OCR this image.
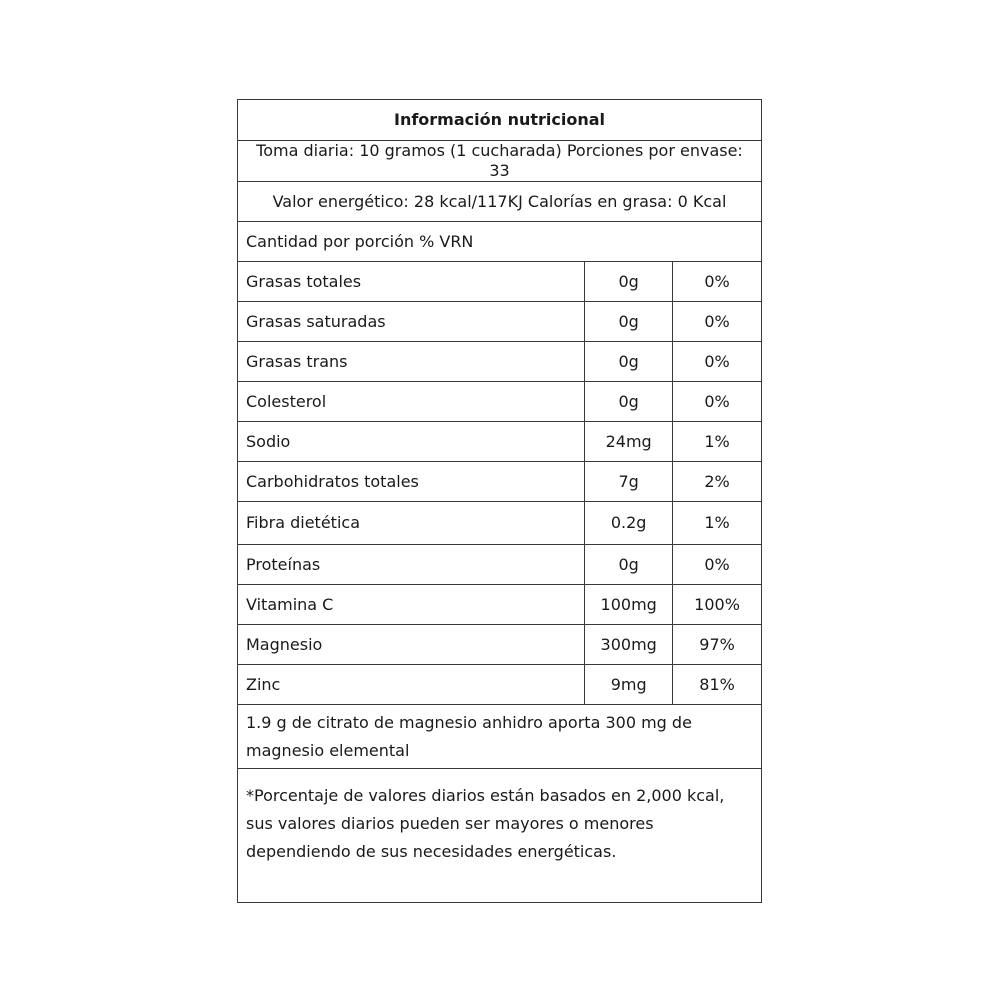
Información nutricional		
Toma diaria: 10 gramos (1 cucharada) Porciones por envase: 33		
Valor energético: 28 kcal/117KJ Calorías en grasa: 0 Kcal		
Cantidad por porción % VRN		
Grasas totales	0g	0%
Grasas saturadas	0g	0%
Grasas trans	0g	0%
Colesterol	0g	0%
Sodio	24mg	1%
Carbohidratos totales	7g	2%
Fibra dietética	0.2g	1%
Proteínas	0g	0%
Vitamina C	100mg	100%
Magnesio	300mg	97%
Zinc	9mg	81%
1.9 g de citrato de magnesio anhidro aporta 300 mg de magnesio elemental		
*Porcentaje de valores diarios están basados en 2,000 kcal, sus valores diarios pueden ser mayores o menores dependiendo de sus necesidades energéticas.		
